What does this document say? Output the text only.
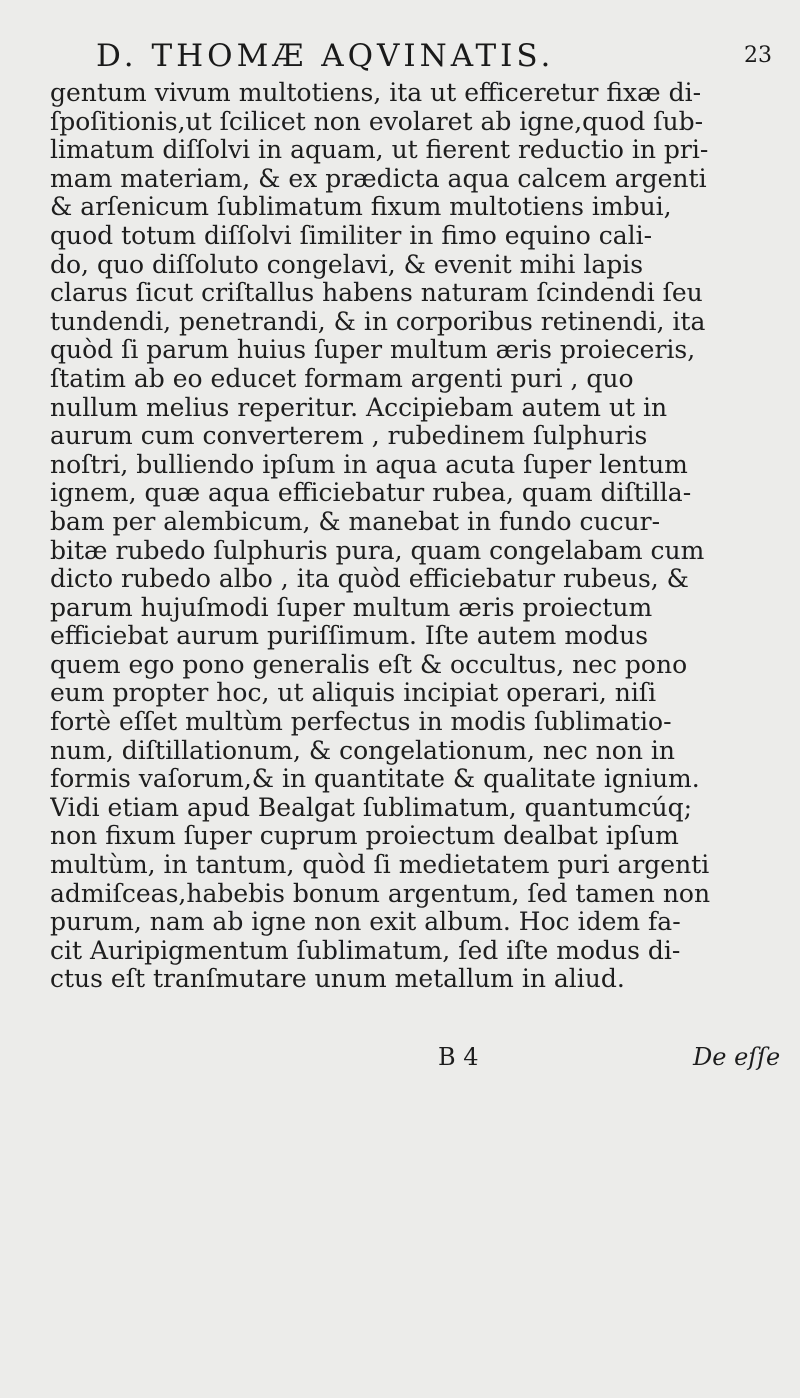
D. THOMÆ AQVINATIS.	23
gentum vivum multotiens, ita ut efficeretur fixæ di-
ſpoſitionis,ut ſcilicet non evolaret ab igne,quod ſub-
limatum diſſolvi in aquam, ut fierent reductio in pri-
mam materiam, & ex prædicta aqua calcem argenti
& arſenicum ſublimatum fixum multotiens imbui,
quod totum diſſolvi ſimiliter in fimo equino cali-
do, quo diſſoluto congelavi, & evenit mihi lapis
clarus ſicut criſtallus habens naturam ſcindendi ſeu
tundendi, penetrandi, & in corporibus retinendi, ita
quòd ſi parum huius ſuper multum æris proieceris,
ſtatim ab eo educet formam argenti puri , quo
nullum melius reperitur. Accipiebam autem ut in
aurum cum converterem , rubedinem ſulphuris
noſtri, bulliendo ipſum in aqua acuta ſuper lentum
ignem, quæ aqua efficiebatur rubea, quam diſtilla-
bam per alembicum, & manebat in fundo cucur-
bitæ rubedo ſulphuris pura, quam congelabam cum
dicto rubedo albo , ita quòd efficiebatur rubeus, &
parum hujuſmodi ſuper multum æris proiectum
efficiebat aurum puriſſimum. Iſte autem modus
quem ego pono generalis eſt & occultus, nec pono
eum propter hoc, ut aliquis incipiat operari, niſi
fortè eſſet multùm perfectus in modis ſublimatio-
num, diſtillationum, & congelationum, nec non in
formis vaſorum,& in quantitate & qualitate ignium.
Vidi etiam apud Bealgat ſublimatum, quantumcúq;
non fixum ſuper cuprum proiectum dealbat ipſum
multùm, in tantum, quòd ſi medietatem puri argenti
admiſceas,habebis bonum argentum, ſed tamen non
purum, nam ab igne non exit album. Hoc idem fa-
cit Auripigmentum ſublimatum, ſed iſte modus di-
ctus eſt tranſmutare unum metallum in aliud.
B 4	De eſſe
